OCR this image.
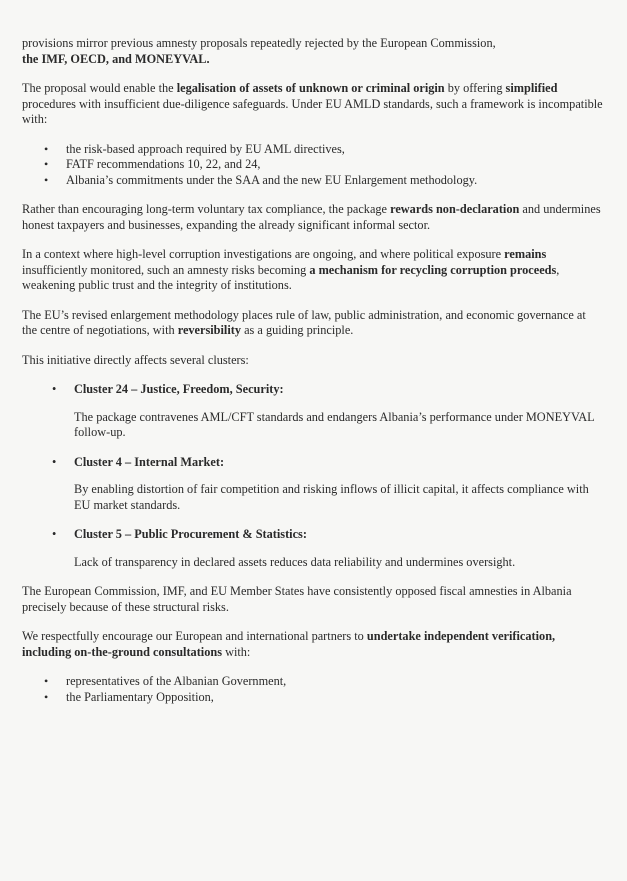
provisions mirror previous amnesty proposals repeatedly rejected by the European Commission,
the IMF, OECD, and MONEYVAL.

The proposal would enable the legalisation of assets of unknown or criminal origin by offering simplified procedures with insufficient due-diligence safeguards. Under EU AMLD standards, such a framework is incompatible with:

• the risk-based approach required by EU AML directives,
• FATF recommendations 10, 22, and 24,
• Albania’s commitments under the SAA and the new EU Enlargement methodology.

Rather than encouraging long-term voluntary tax compliance, the package rewards non-declaration and undermines honest taxpayers and businesses, expanding the already significant informal sector.

In a context where high-level corruption investigations are ongoing, and where political exposure remains insufficiently monitored, such an amnesty risks becoming a mechanism for recycling corruption proceeds, weakening public trust and the integrity of institutions.

The EU’s revised enlargement methodology places rule of law, public administration, and economic governance at the centre of negotiations, with reversibility as a guiding principle.

This initiative directly affects several clusters:

• Cluster 24 – Justice, Freedom, Security:

The package contravenes AML/CFT standards and endangers Albania’s performance under MONEYVAL follow-up.

• Cluster 4 – Internal Market:

By enabling distortion of fair competition and risking inflows of illicit capital, it affects compliance with EU market standards.

• Cluster 5 – Public Procurement & Statistics:

Lack of transparency in declared assets reduces data reliability and undermines oversight.

The European Commission, IMF, and EU Member States have consistently opposed fiscal amnesties in Albania precisely because of these structural risks.

We respectfully encourage our European and international partners to undertake independent verification, including on-the-ground consultations with:

• representatives of the Albanian Government,
• the Parliamentary Opposition,
